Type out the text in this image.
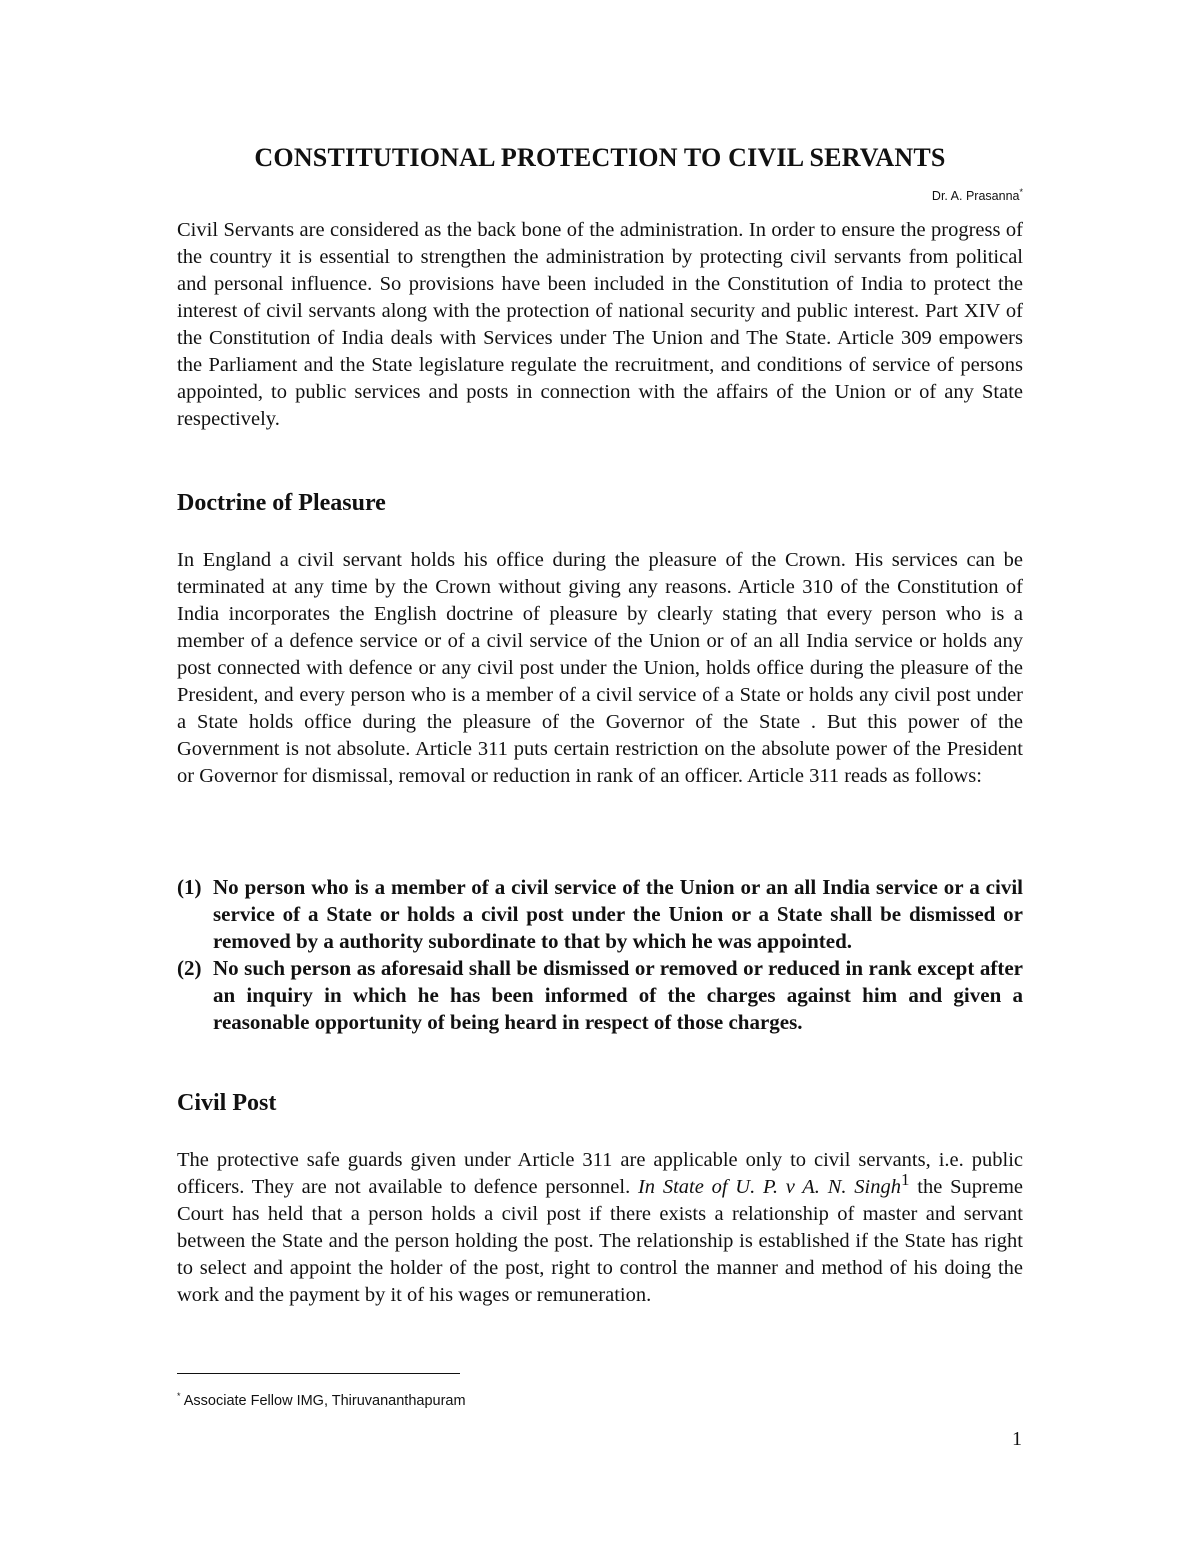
CONSTITUTIONAL PROTECTION TO CIVIL SERVANTS

Dr. A. Prasanna*

Civil Servants are considered as the back bone of the administration. In order to ensure the progress of the country it is essential to strengthen the administration by protecting civil servants from political and personal influence. So provisions have been included in the Constitution of India to protect the interest of civil servants along with the protection of national security and public interest. Part XIV of the Constitution of India deals with Services under The Union and The State. Article 309 empowers the Parliament and the State legislature regulate the recruitment, and conditions of service of persons appointed, to public services and posts in connection with the affairs of the Union or of any State respectively.

Doctrine of Pleasure

In England a civil servant holds his office during the pleasure of the Crown. His services can be terminated at any time by the Crown without giving any reasons. Article 310 of the Constitution of India incorporates the English doctrine of pleasure by clearly stating that every person who is a member of a defence service or of a civil service of the Union or of an all India service or holds any post connected with defence or any civil post under the Union, holds office during the pleasure of the President, and every person who is a member of a civil service of a State or holds any civil post under a State holds office during the pleasure of the Governor of the State . But this power of the Government is not absolute. Article 311 puts certain restriction on the absolute power of the President or Governor for dismissal, removal or reduction in rank of an officer. Article 311 reads as follows:

(1) No person who is a member of a civil service of the Union or an all India service or a civil service of a State or holds a civil post under the Union or a State shall be dismissed or removed by a authority subordinate to that by which he was appointed.
(2) No such person as aforesaid shall be dismissed or removed or reduced in rank except after an inquiry in which he has been informed of the charges against him and given a reasonable opportunity of being heard in respect of those charges.
Civil Post

The protective safe guards given under Article 311 are applicable only to civil servants, i.e. public officers. They are not available to defence personnel. In State of U. P. v A. N. Singh$^1$ the Supreme Court has held that a person holds a civil post if there exists a relationship of master and servant between the State and the person holding the post. The relationship is established if the State has right to select and appoint the holder of the post, right to control the manner and method of his doing the work and the payment by it of his wages or remuneration.

* Associate Fellow IMG, Thiruvananthapuram

1
